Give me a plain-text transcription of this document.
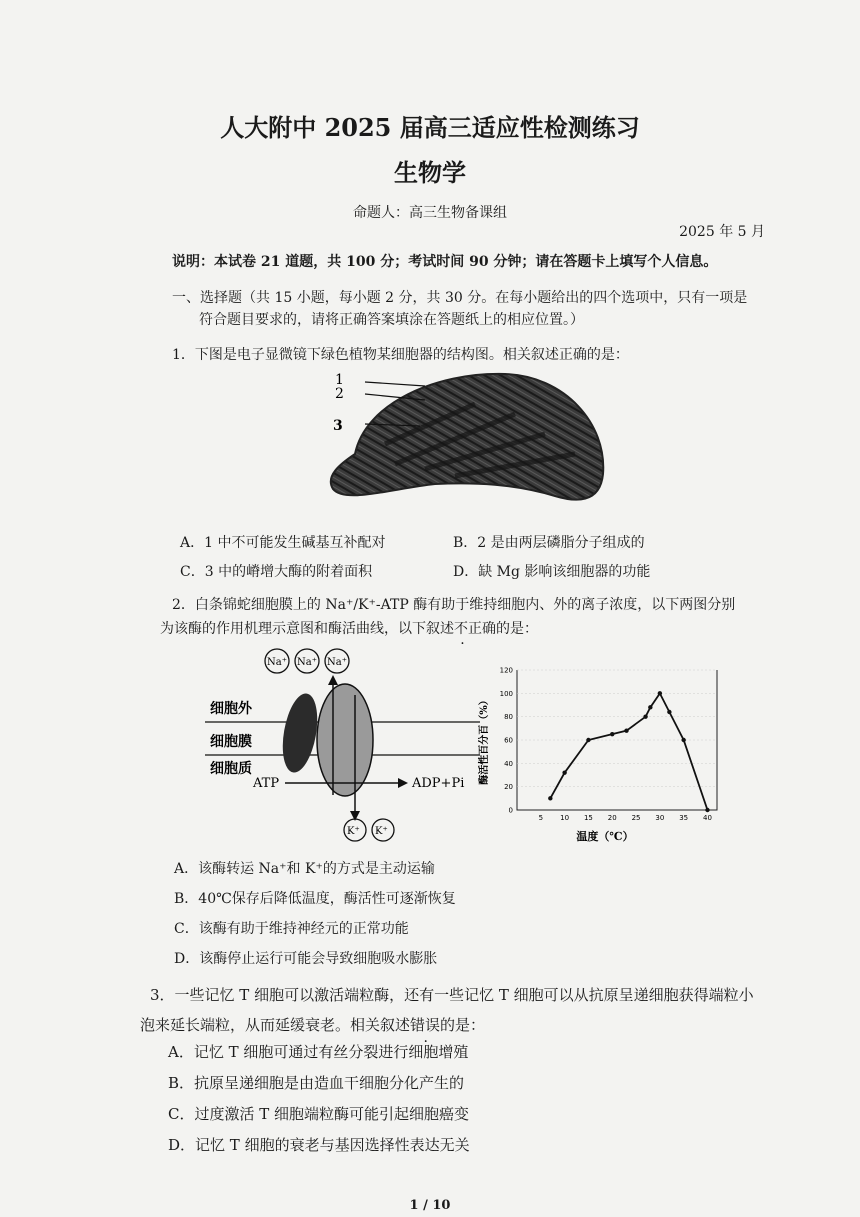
人大附中 2025 届高三适应性检测练习
生物学
命题人：高三生物备课组
2025 年 5 月
说明：本试卷 21 道题，共 100 分；考试时间 90 分钟；请在答题卡上填写个人信息。
一、选择题（共 15 小题，每小题 2 分，共 30 分。在每小题给出的四个选项中，只有一项是
符合题目要求的，请将正确答案填涂在答题纸上的相应位置。）
1．下图是电子显微镜下绿色植物某细胞器的结构图。相关叙述正确的是：
1
2
3
A．1 中不可能发生碱基互补配对	B．2 是由两层磷脂分子组成的
C．3 中的嵴增大酶的附着面积	D．缺 Mg 影响该细胞器的功能
2．白条锦蛇细胞膜上的 Na⁺/K⁺-ATP 酶有助于维持细胞内、外的离子浓度，以下两图分别
为该酶的作用机理示意图和酶活曲线，以下叙述不正确的是：
Na⁺ Na⁺ Na⁺
细胞外
细胞膜
细胞质
ATP	ADP+Pi
K⁺ K⁺
5 10 15 20 25 30 35 40
0
20
40
60
80
100
120
温度（℃）
酶活性百分百（%）
A．该酶转运 Na⁺和 K⁺的方式是主动运输
B．40℃保存后降低温度，酶活性可逐渐恢复
C．该酶有助于维持神经元的正常功能
D．该酶停止运行可能会导致细胞吸水膨胀
3．一些记忆 T 细胞可以激活端粒酶，还有一些记忆 T 细胞可以从抗原呈递细胞获得端粒小
泡来延长端粒，从而延缓衰老。相关叙述错误的是：
A．记忆 T 细胞可通过有丝分裂进行细胞增殖
B．抗原呈递细胞是由造血干细胞分化产生的
C．过度激活 T 细胞端粒酶可能引起细胞癌变
D．记忆 T 细胞的衰老与基因选择性表达无关
1 / 10
